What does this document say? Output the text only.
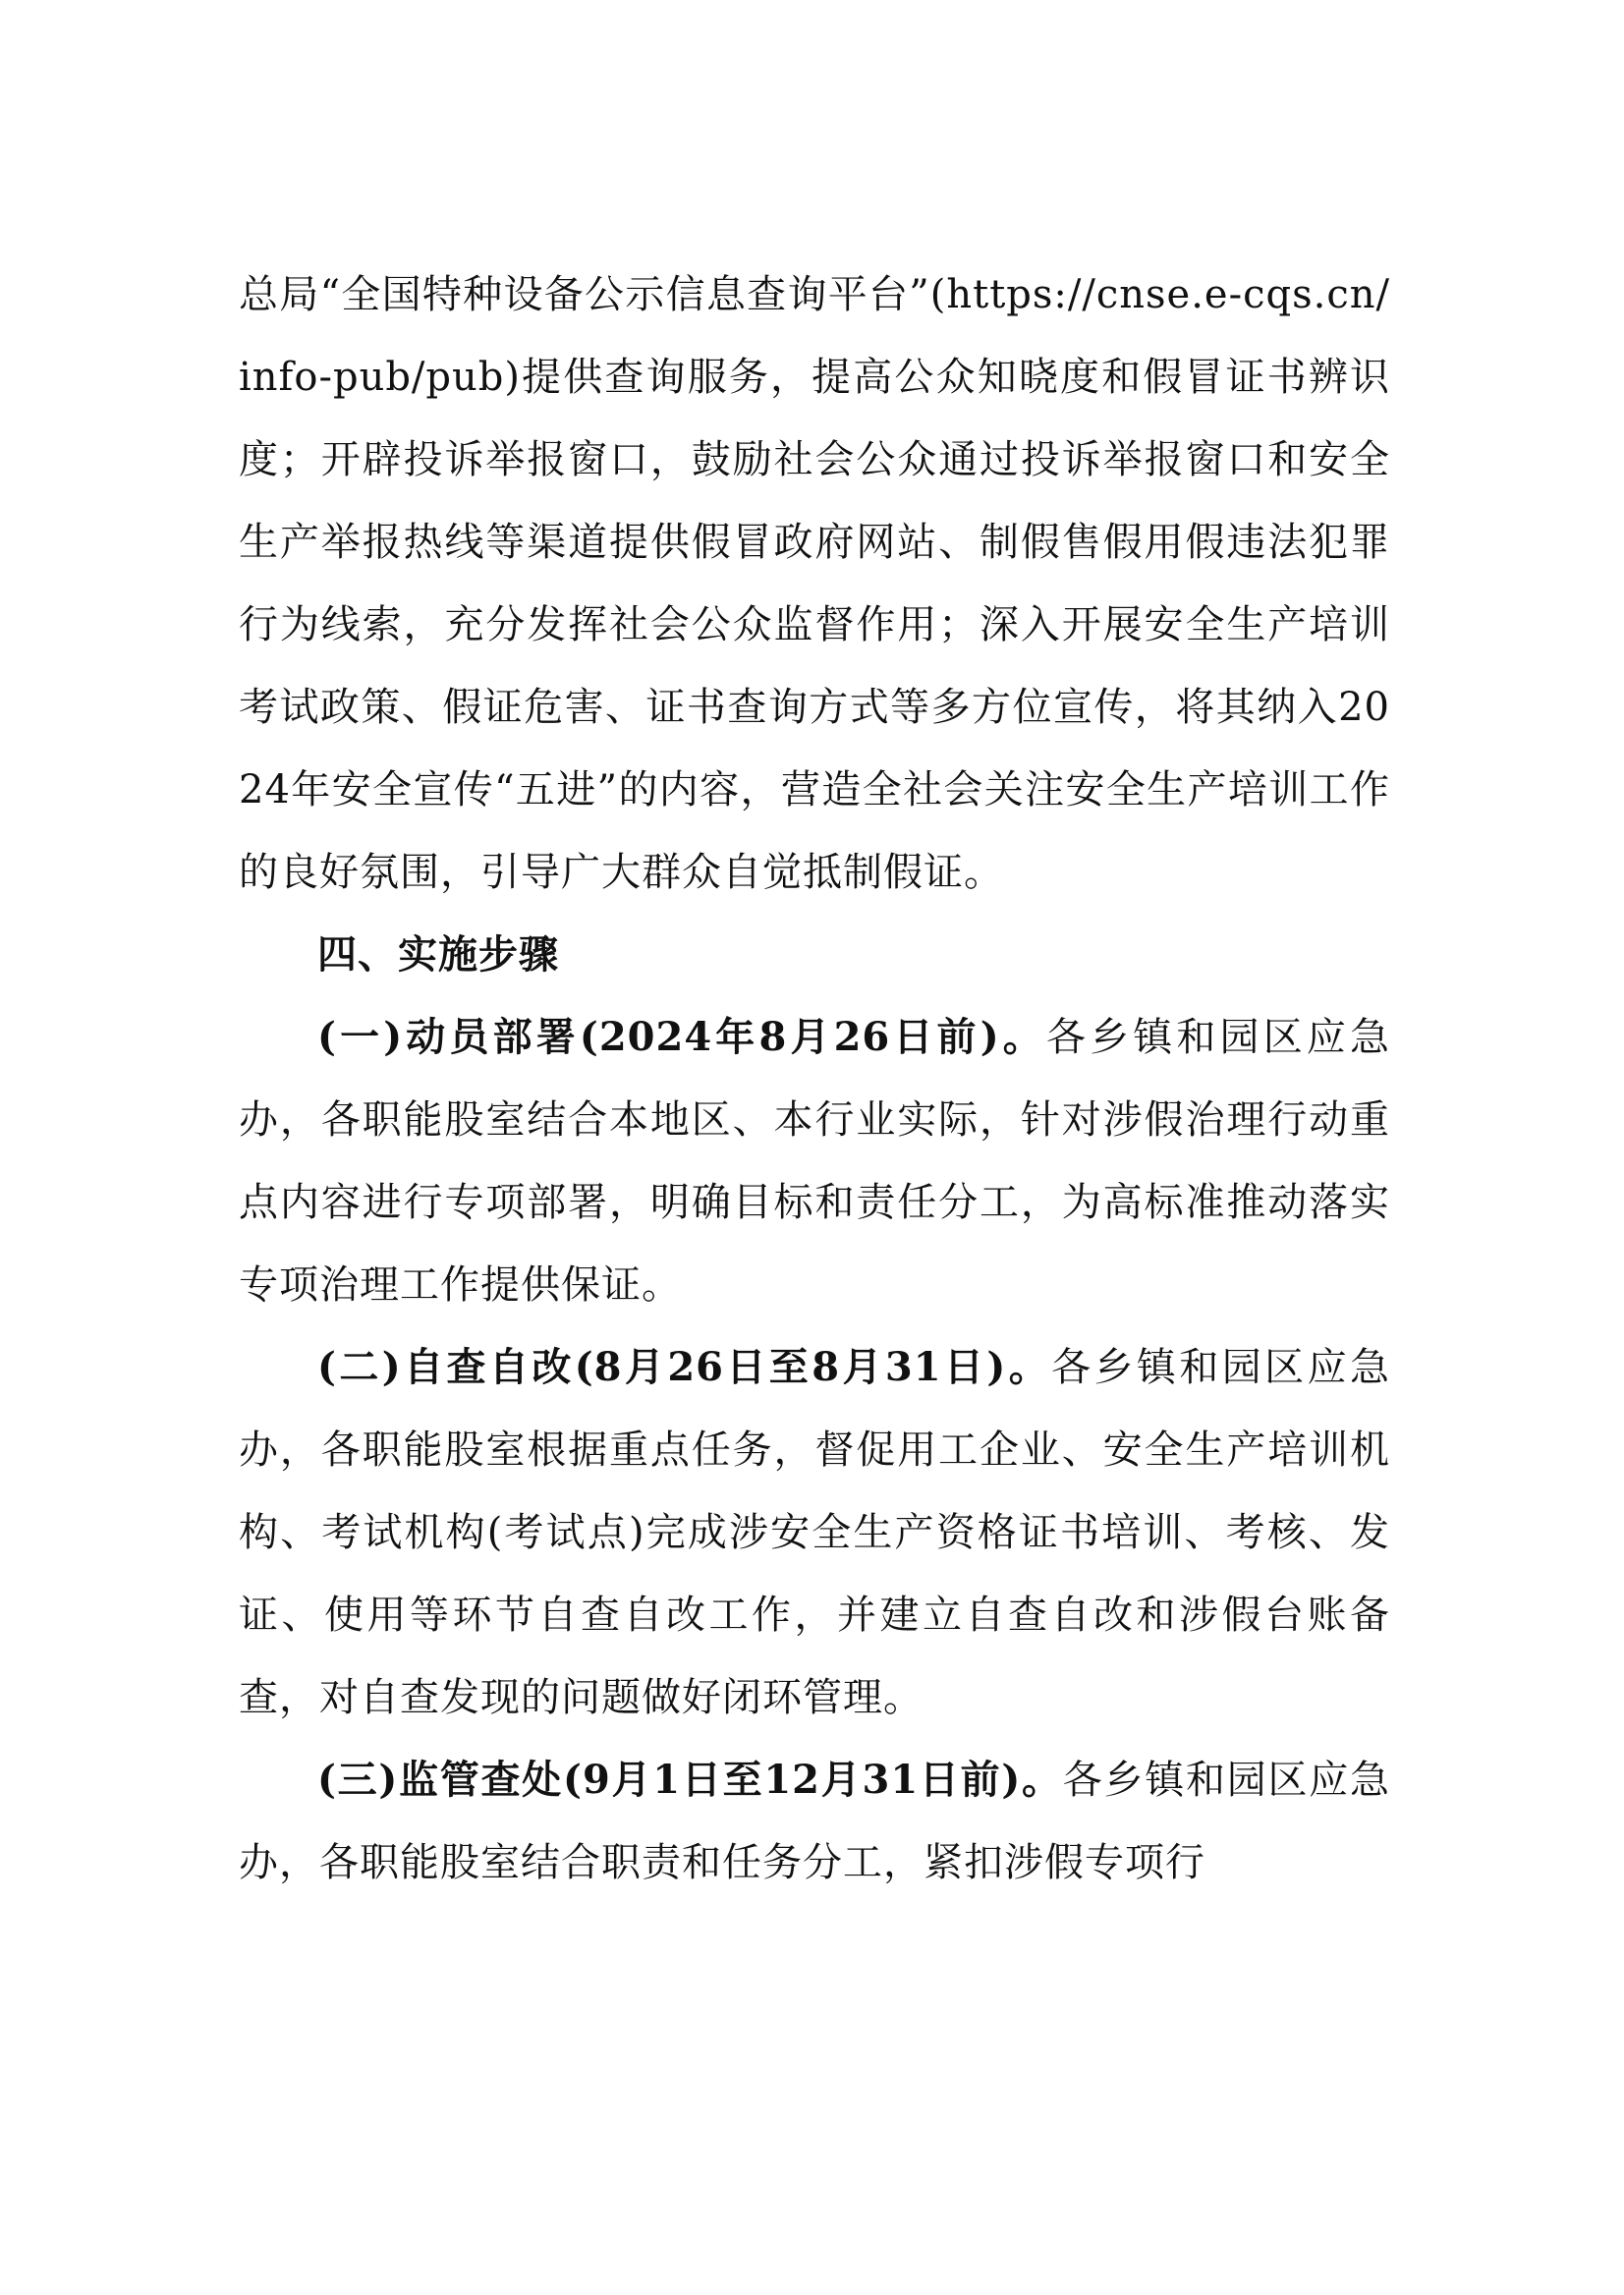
总局“全国特种设备公示信息查询平台”(https://cnse.e-cqs.cn/info-pub/pub)提供查询服务，提高公众知晓度和假冒证书辨识度；开辟投诉举报窗口，鼓励社会公众通过投诉举报窗口和安全生产举报热线等渠道提供假冒政府网站、制假售假用假违法犯罪行为线索，充分发挥社会公众监督作用；深入开展安全生产培训考试政策、假证危害、证书查询方式等多方位宣传，将其纳入2024年安全宣传“五进”的内容，营造全社会关注安全生产培训工作的良好氛围，引导广大群众自觉抵制假证。

四、实施步骤

(一)动员部署(2024年8月26日前)。各乡镇和园区应急办，各职能股室结合本地区、本行业实际，针对涉假治理行动重点内容进行专项部署，明确目标和责任分工，为高标准推动落实专项治理工作提供保证。

(二)自查自改(8月26日至8月31日)。各乡镇和园区应急办，各职能股室根据重点任务，督促用工企业、安全生产培训机构、考试机构(考试点)完成涉安全生产资格证书培训、考核、发证、使用等环节自查自改工作，并建立自查自改和涉假台账备查，对自查发现的问题做好闭环管理。

(三)监管查处(9月1日至12月31日前)。各乡镇和园区应急办，各职能股室结合职责和任务分工，紧扣涉假专项行
